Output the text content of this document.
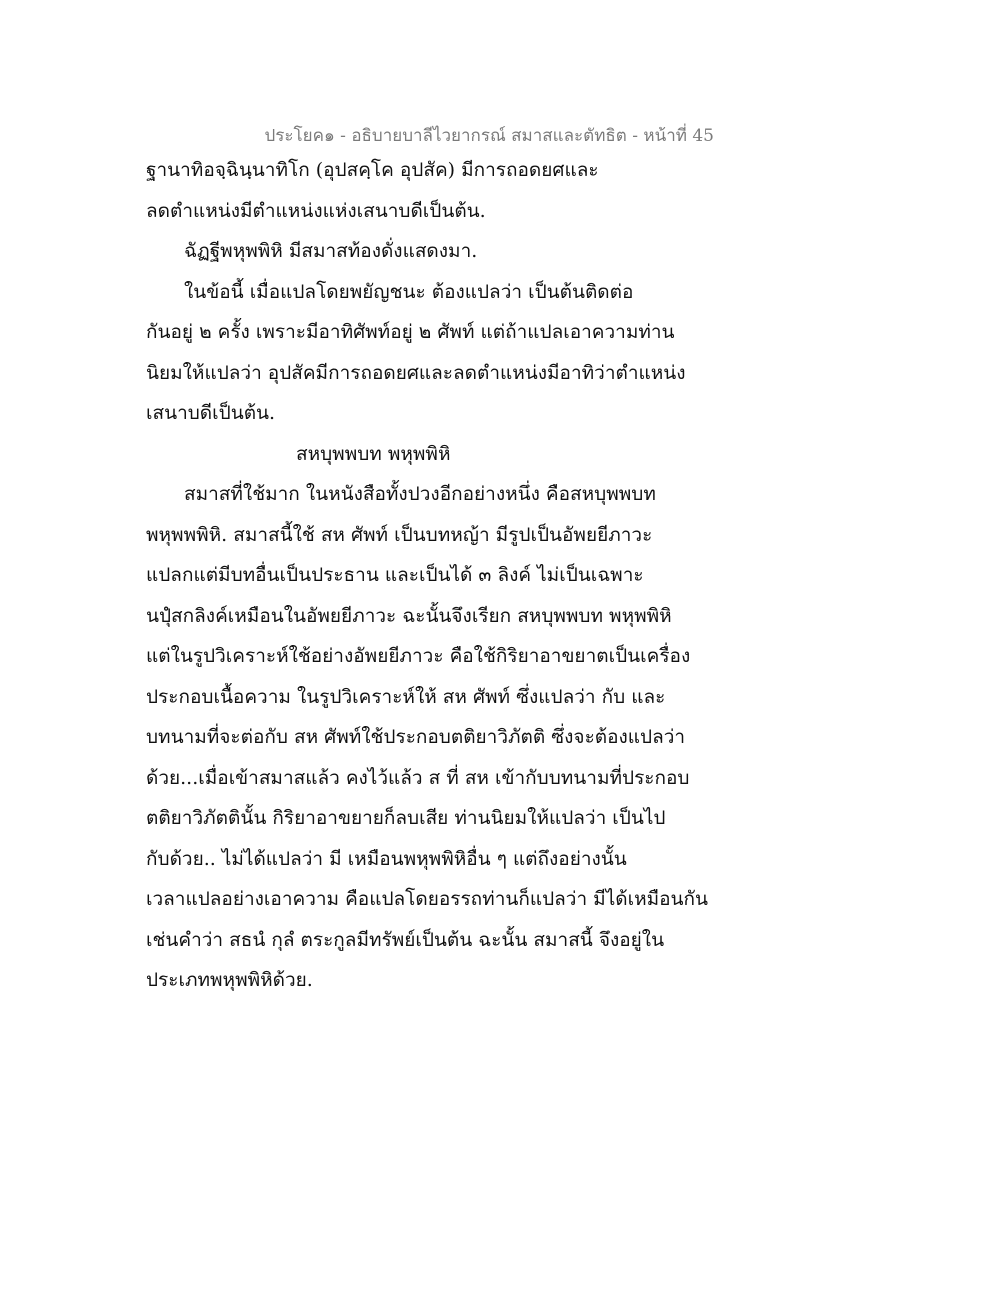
ประโยค๑ - อธิบายบาลีไวยากรณ์ สมาสและตัทธิต - หน้าที่ 45
ฐานาทิอจฺฉินฺนาทิโก (อุปสคฺโค อุปสัค) มีการถอดยศและ
ลดตำแหน่งมีตำแหน่งแห่งเสนาบดีเป็นต้น.
ฉัฏฐีพหุพพิหิ มีสมาสท้องดั่งแสดงมา.
ในข้อนี้ เมื่อแปลโดยพยัญชนะ ต้องแปลว่า เป็นต้นติดต่อ
กันอยู่ ๒ ครั้ง เพราะมีอาทิศัพท์อยู่ ๒ ศัพท์ แต่ถ้าแปลเอาความท่าน
นิยมให้แปลว่า อุปสัคมีการถอดยศและลดตำแหน่งมีอาทิว่าตำแหน่ง
เสนาบดีเป็นต้น.
สหบุพพบท พหุพพิหิ
สมาสที่ใช้มาก ในหนังสือทั้งปวงอีกอย่างหนึ่ง คือสหบุพพบท
พหุพพพิหิ. สมาสนี้ใช้ สห ศัพท์ เป็นบทหญ้า มีรูปเป็นอัพยยีภาวะ
แปลกแต่มีบทอื่นเป็นประธาน และเป็นได้ ๓ ลิงค์ ไม่เป็นเฉพาะ
นปุํสกลิงค์เหมือนในอัพยยีภาวะ ฉะนั้นจึงเรียก สหบุพพบท พหุพพิหิ
แต่ในรูปวิเคราะห์ใช้อย่างอัพยยีภาวะ คือใช้กิริยาอาขยาตเป็นเครื่อง
ประกอบเนื้อความ ในรูปวิเคราะห์ให้ สห ศัพท์ ซึ่งแปลว่า กับ และ
บทนามที่จะต่อกับ สห ศัพท์ใช้ประกอบตติยาวิภัตติ ซึ่งจะต้องแปลว่า
ด้วย...เมื่อเข้าสมาสแล้ว คงไว้แล้ว ส ที่ สห เข้ากับบทนามที่ประกอบ
ตติยาวิภัตตินั้น กิริยาอาขยายก็ลบเสีย ท่านนิยมให้แปลว่า เป็นไป
กับด้วย.. ไม่ได้แปลว่า มี เหมือนพหุพพิหิอื่น ๆ แต่ถึงอย่างนั้น
เวลาแปลอย่างเอาความ คือแปลโดยอรรถท่านก็แปลว่า มีได้เหมือนกัน
เช่นคำว่า สธนํ กุลํ ตระกูลมีทรัพย์เป็นต้น ฉะนั้น สมาสนี้ จึงอยู่ใน
ประเภทพหุพพิหิด้วย.
